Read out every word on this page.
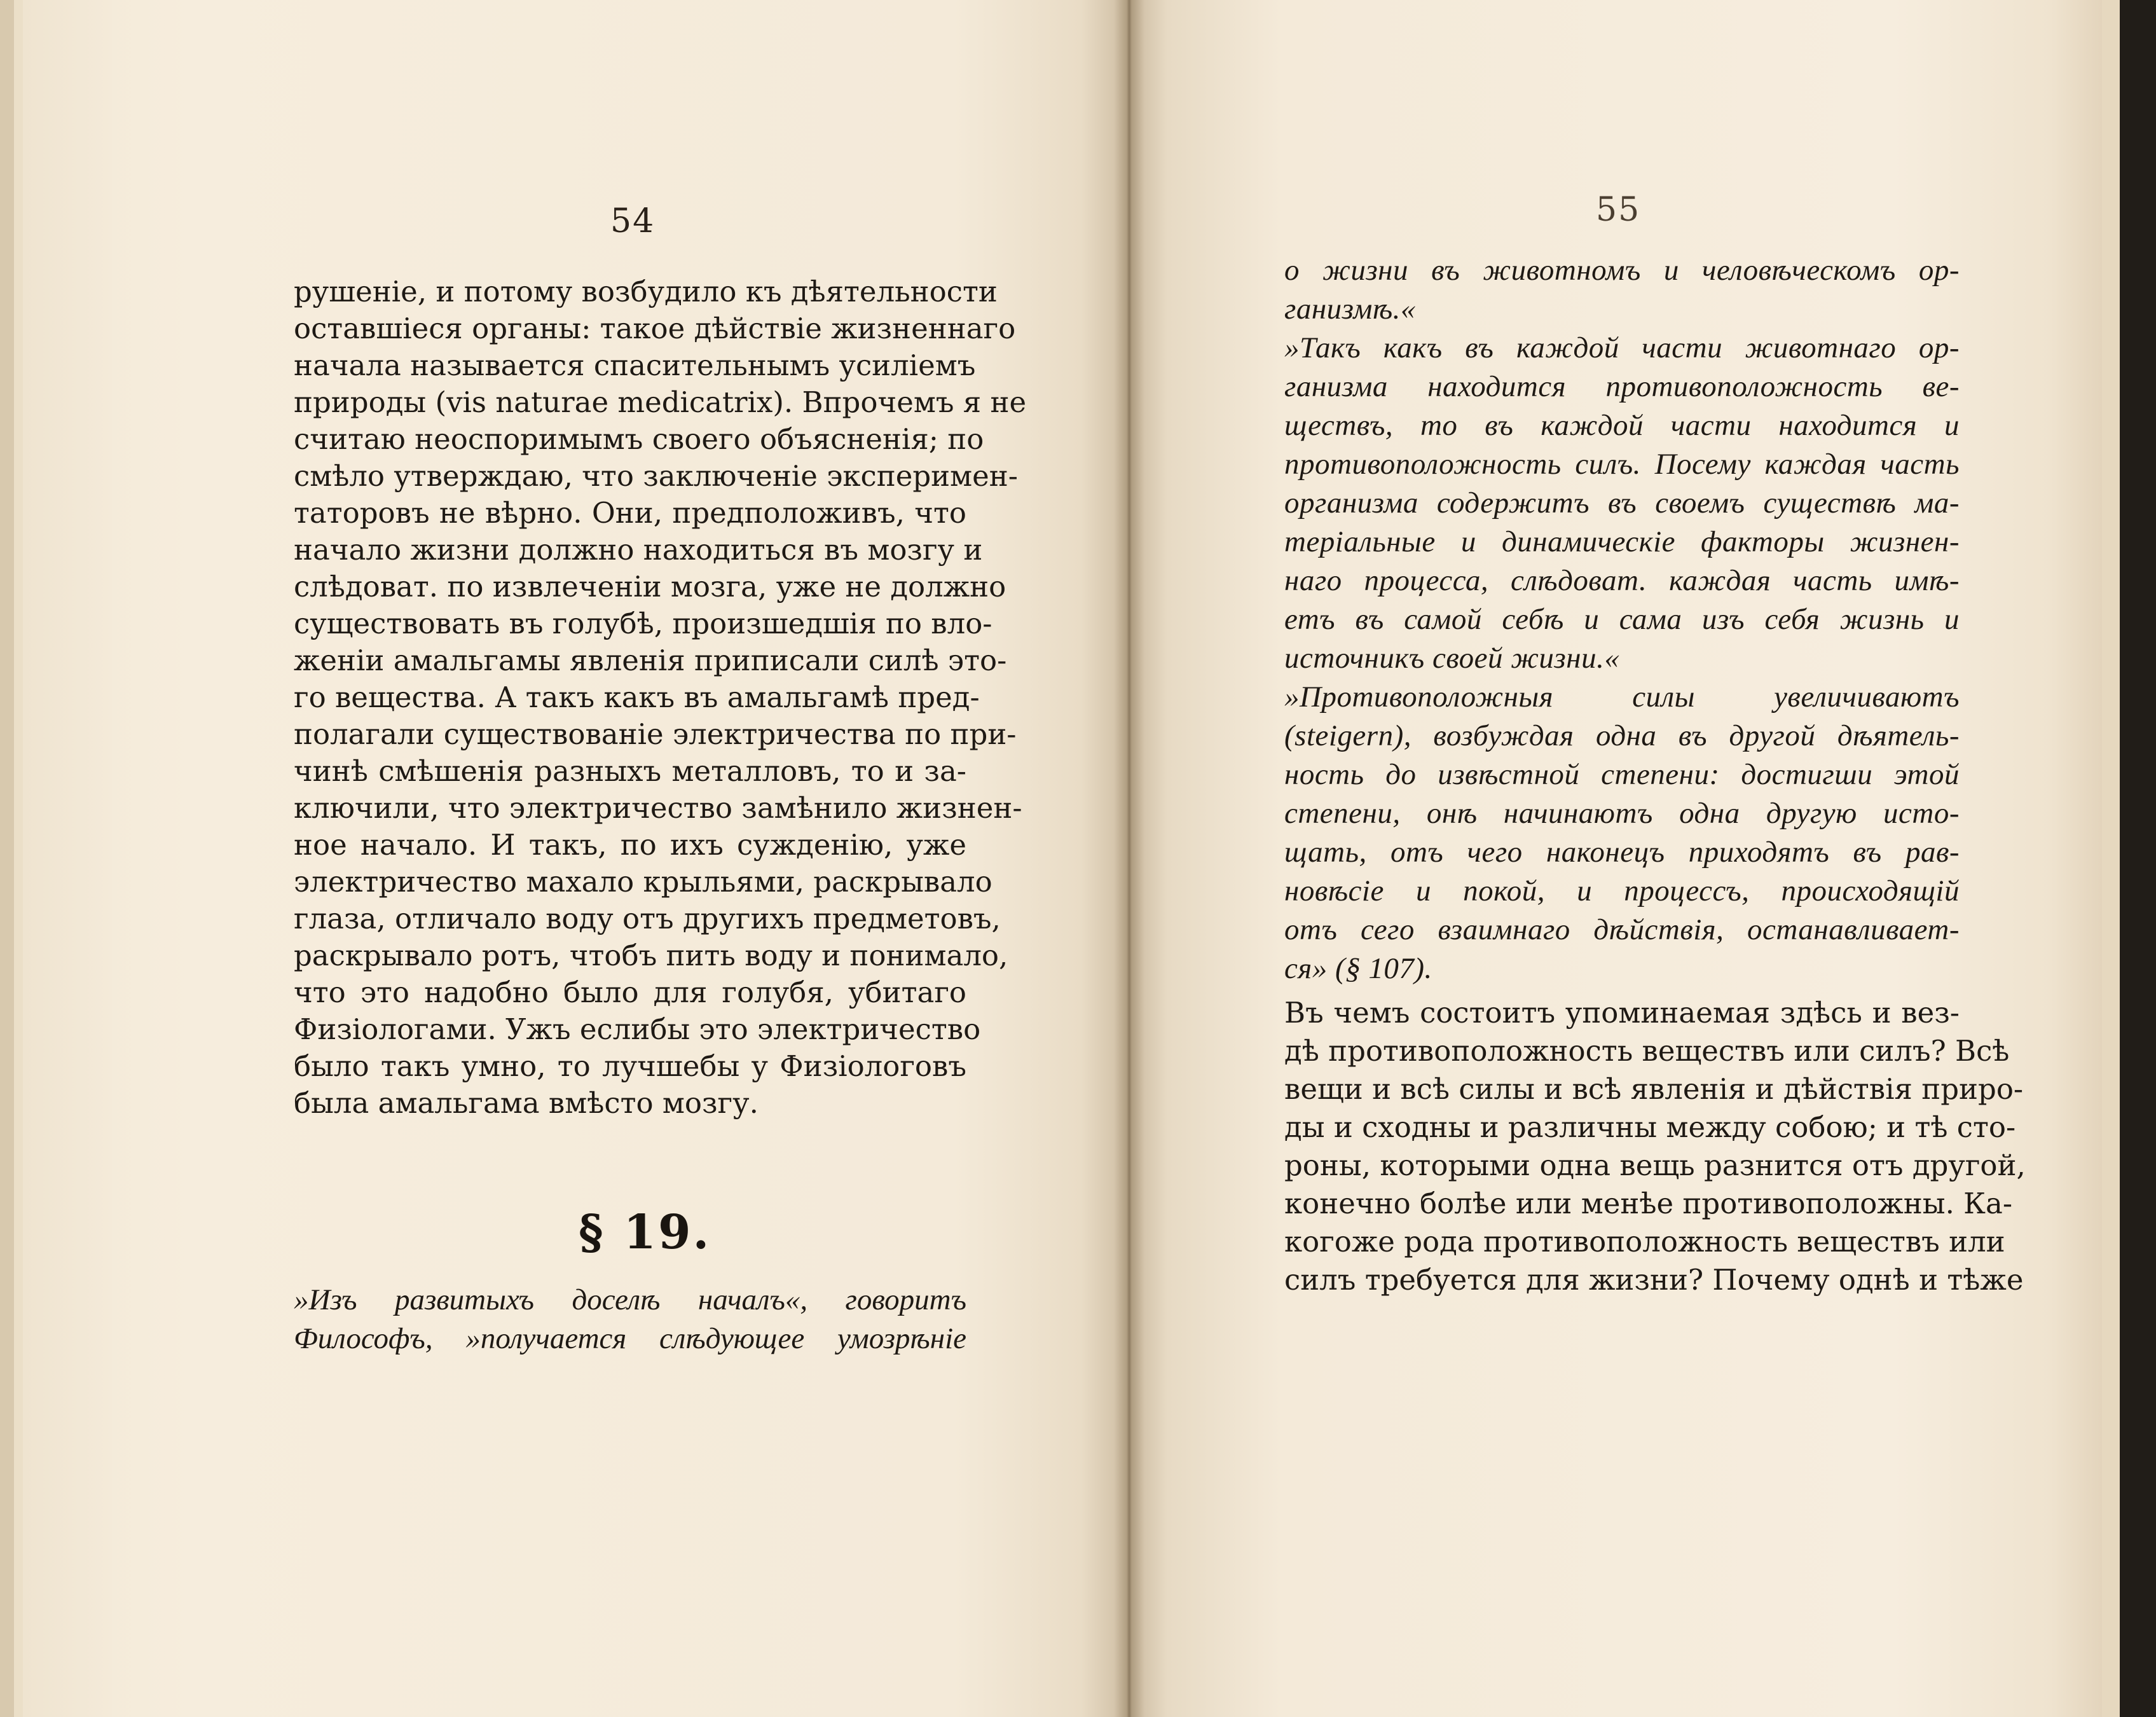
54
рушеніе, и потому возбудило къ дѣятельности
оставшіеся органы: такое дѣйствіе жизненнаго
начала называется спасительнымъ усиліемъ
природы (vis naturae medicatrix). Впрочемъ я не
считаю неоспоримымъ своего объясненія; по
смѣло утверждаю, что заключеніе эксперимен-
таторовъ не вѣрно. Они, предположивъ, что
начало жизни должно находиться въ мозгу и
слѣдоват. по извлеченіи мозга, уже не должно
существовать въ голубѣ, произшедшія по вло-
женіи амальгамы явленія приписали силѣ это-
го вещества. А такъ какъ въ амальгамѣ пред-
полагали существованіе электричества по при-
чинѣ смѣшенія разныхъ металловъ, то и за-
ключили, что электричество замѣнило жизнен-
ное начало. И такъ, по ихъ сужденію, уже
электричество махало крыльями, раскрывало
глаза, отличало воду отъ другихъ предметовъ,
раскрывало ротъ, чтобъ пить воду и понимало,
что это надобно было для голубя, убитаго
Физіологами. Ужъ еслибы это электричество
было такъ умно, то лучшебы у Физіологовъ
была амальгама вмѣсто мозгу.
§ 19.
»Изъ развитыхъ доселѣ началъ«, говоритъ
Философъ, »получается слѣдующее умозрѣніе
55
о жизни въ животномъ и человѣческомъ ор-
ганизмѣ.«
»Такъ какъ въ каждой части животнаго ор-
ганизма находится противоположность ве-
ществъ, то въ каждой части находится и
противоположность силъ. Посему каждая часть
организма содержитъ въ своемъ существѣ ма-
теріальные и динамическіе факторы жизнен-
наго процесса, слѣдоват. каждая часть имѣ-
етъ въ самой себѣ и сама изъ себя жизнь и
источникъ своей жизни.«
»Противоположныя силы увеличиваютъ
(steigern), возбуждая одна въ другой дѣятель-
ность до извѣстной степени: достигши этой
степени, онѣ начинаютъ одна другую исто-
щать, отъ чего наконецъ приходятъ въ рав-
новѣсіе и покой, и процессъ, происходящій
отъ сего взаимнаго дѣйствія, останавливает-
ся» (§ 107).
Въ чемъ состоитъ упоминаемая здѣсь и вез-
дѣ противоположность веществъ или силъ? Всѣ
вещи и всѣ силы и всѣ явленія и дѣйствія приро-
ды и сходны и различны между собою; и тѣ сто-
роны, которыми одна вещь разнится отъ другой,
конечно болѣе или менѣе противоположны. Ка-
когоже рода противоположность веществъ или
силъ требуется для жизни? Почему однѣ и тѣже
